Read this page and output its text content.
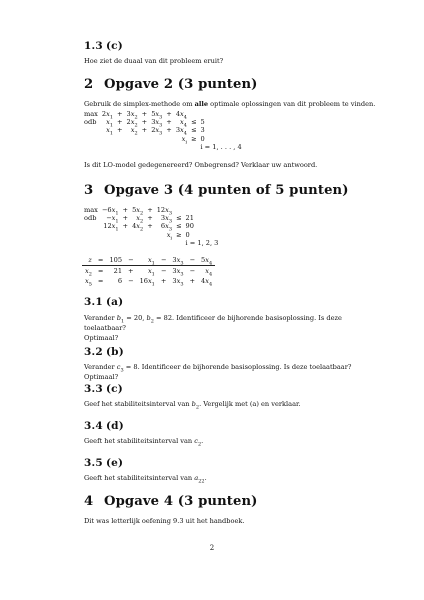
1.3 (c)
Hoe ziet de duaal van dit probleem eruit?
2 Opgave 2 (3 punten)
Gebruik de simplex-methode om alle optimale oplossingen van dit probleem te vinden.
max	$2x_1$	+	$3x_2$	+	$5x_3$	+	$4x_4$		
odb	$x_1$	+	$2x_2$	+	$3x_3$	+	$x_4$	≤	5
	$x_1$	+	$x_2$	+	$2x_3$	+	$3x_4$	≤	3
							$x_i$	≥	0
									i = 1, . . . , 4
Is dit LO-model gedegenereerd? Onbegrensd? Verklaar uw antwoord.
3 Opgave 3 (4 punten of 5 punten)
max	$-6x_1$	+	$5x_2$	+	$12x_3$		
odb	$-x_1$	+	$x_2$	+	$3x_3$	≤	21
	$12x_1$	+	$4x_2$	+	$6x_3$	≤	90
					$x_i$	≥	0
							i = 1, 2, 3
z	=	105	−	$x_1$	−	$3x_3$	−	$5x_4$
$x_2$	=	21	+	$x_1$	−	$3x_3$	−	$x_4$
$x_5$	=	6	−	$16x_1$	+	$3x_3$	+	$4x_4$
3.1 (a)
Verander $b_1 = 20$, $b_2 = 82$. Identificeer de bijhorende basisoplossing. Is deze toelaatbaar?
Optimaal?
3.2 (b)
Verander $c_3 = 8$. Identificeer de bijhorende basisoplossing. Is deze toelaatbaar? Optimaal?
3.3 (c)
Geef het stabiliteitsinterval van $b_2$. Vergelijk met (a) en verklaar.
3.4 (d)
Geeft het stabiliteitsinterval van $c_2$.
3.5 (e)
Geeft het stabiliteitsinterval van $a_{22}$.
4 Opgave 4 (3 punten)
Dit was letterlijk oefening 9.3 uit het handboek.
2
